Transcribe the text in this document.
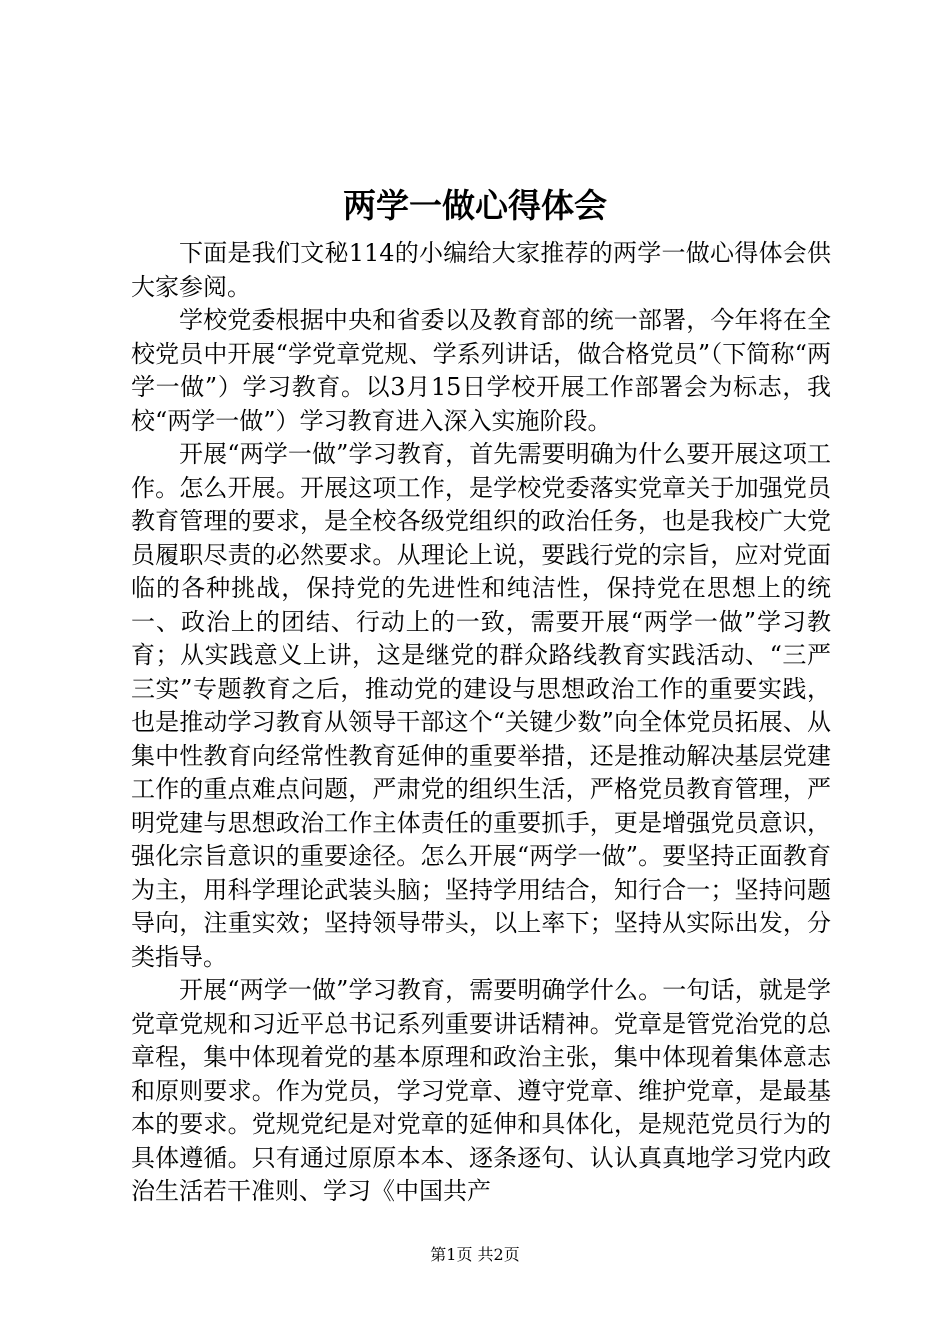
两学一做心得体会

下面是我们文秘114的小编给大家推荐的两学一做心得体会供大家参阅。

学校党委根据中央和省委以及教育部的统一部署，今年将在全校党员中开展“学党章党规、学系列讲话，做合格党员”（下简称“两学一做”）学习教育。以3月15日学校开展工作部署会为标志，我校“两学一做”）学习教育进入深入实施阶段。

开展“两学一做”学习教育，首先需要明确为什么要开展这项工作。怎么开展。开展这项工作，是学校党委落实党章关于加强党员教育管理的要求，是全校各级党组织的政治任务，也是我校广大党员履职尽责的必然要求。从理论上说，要践行党的宗旨，应对党面临的各种挑战，保持党的先进性和纯洁性，保持党在思想上的统一、政治上的团结、行动上的一致，需要开展“两学一做”学习教育；从实践意义上讲，这是继党的群众路线教育实践活动、“三严三实”专题教育之后，推动党的建设与思想政治工作的重要实践，也是推动学习教育从领导干部这个“关键少数”向全体党员拓展、从集中性教育向经常性教育延伸的重要举措，还是推动解决基层党建工作的重点难点问题，严肃党的组织生活，严格党员教育管理，严明党建与思想政治工作主体责任的重要抓手，更是增强党员意识，强化宗旨意识的重要途径。怎么开展“两学一做”。要坚持正面教育为主，用科学理论武装头脑；坚持学用结合，知行合一；坚持问题导向，注重实效；坚持领导带头，以上率下；坚持从实际出发，分类指导。

开展“两学一做”学习教育，需要明确学什么。一句话，就是学党章党规和习近平总书记系列重要讲话精神。党章是管党治党的总章程，集中体现着党的基本原理和政治主张，集中体现着集体意志和原则要求。作为党员，学习党章、遵守党章、维护党章，是最基本的要求。党规党纪是对党章的延伸和具体化，是规范党员行为的具体遵循。只有通过原原本本、逐条逐句、认认真真地学习党内政治生活若干准则、学习《中国共产

第1页 共2页
